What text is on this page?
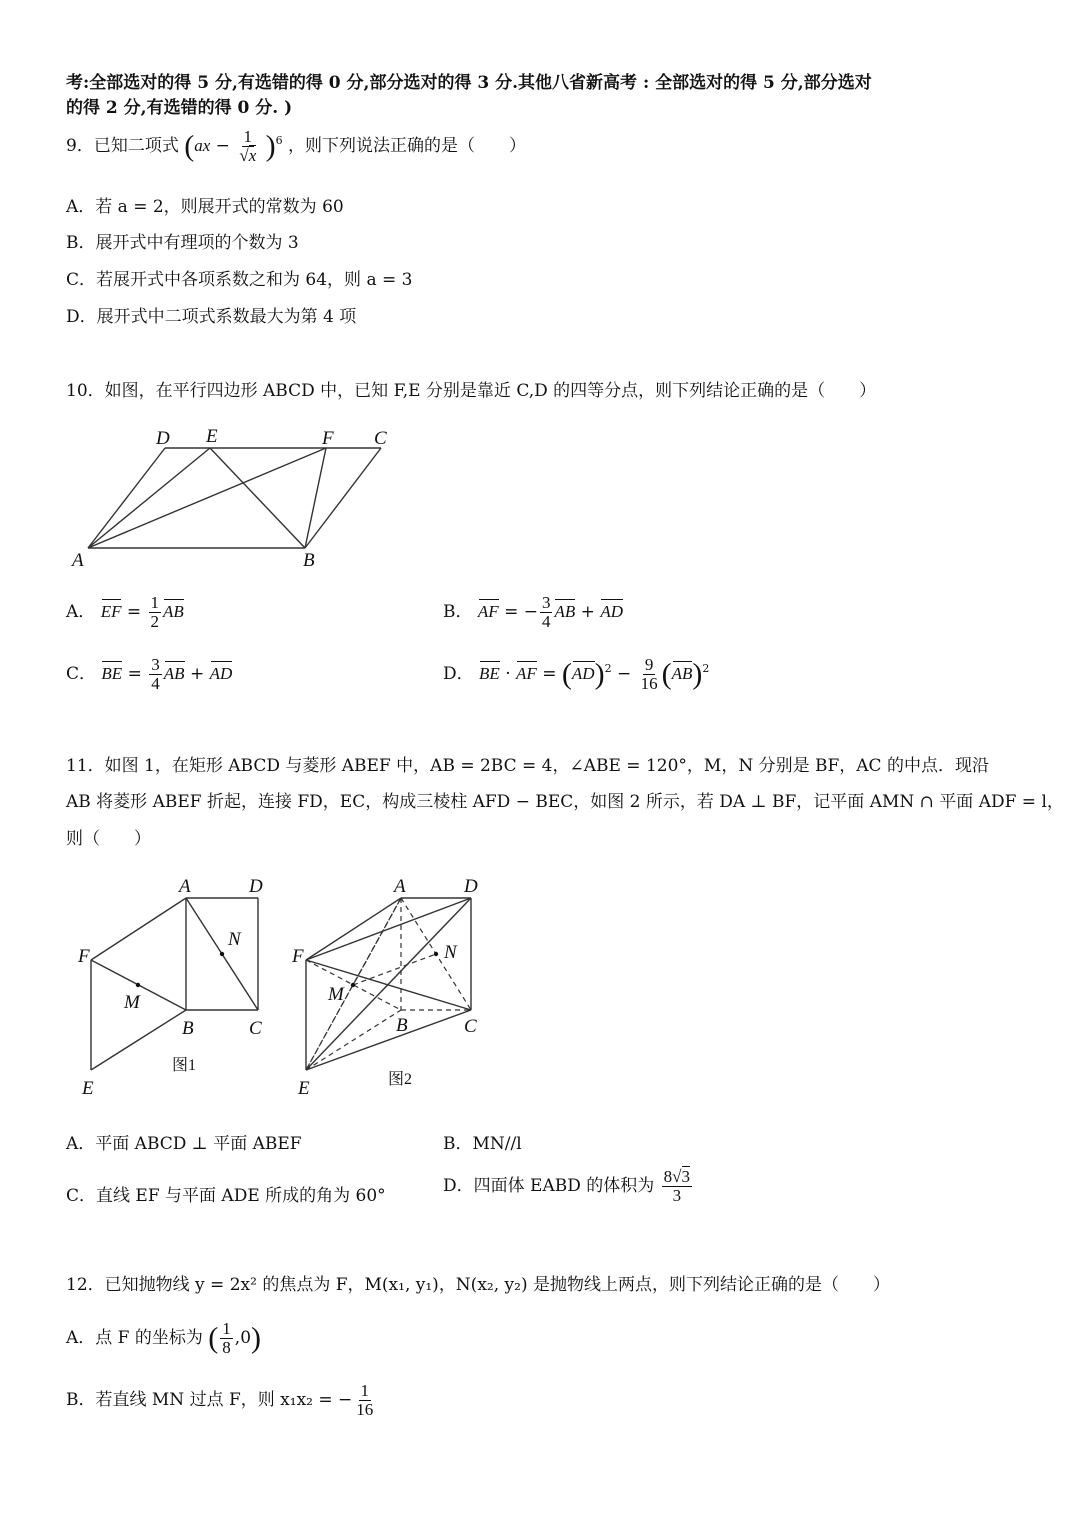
考:全部选对的得 5 分,有选错的得 0 分,部分选对的得 3 分.其他八省新高考 : 全部选对的得 5 分,部分选对
的得 2 分,有选错的得 0 分. )
9．已知二项式 $(ax - \frac{1}{√x} )^6$ ，则下列说法正确的是（　　）
A．若 a = 2，则展开式的常数为 60
B．展开式中有理项的个数为 3
C．若展开式中各项系数之和为 64，则 a = 3
D．展开式中二项式系数最大为第 4 项
10．如图，在平行四边形 ABCD 中，已知 F,E 分别是靠近 C,D 的四等分点，则下列结论正确的是（　　）
D E	F C
A	B
A． EF = $\frac{1}{2}$ AB	B． AF = − $\frac{3}{4}$ AB + AD
C． BE = $\frac{3}{4}$ AB + AD	D． BE · AF = $(AD)^2 - \frac{9}{16} (AB)^2$
11．如图 1，在矩形 ABCD 与菱形 ABEF 中，AB = 2BC = 4，∠ABE = 120°，M，N 分别是 BF，AC 的中点．现沿
AB 将菱形 ABEF 折起，连接 FD，EC，构成三棱柱 AFD − BEC，如图 2 所示，若 DA ⊥ BF，记平面 AMN ∩ 平面 ADF = l，
则（　　）
A	D
N
F
M
B	C
E
图1
A	D
N
F
M
B	C
E	图2
A．平面 ABCD ⊥ 平面 ABEF	B．MN//l
C．直线 EF 与平面 ADE 所成的角为 60°
D．四面体 EABD 的体积为 $\frac{8√3}{3}$
12．已知抛物线 y = 2x² 的焦点为 F，M(x₁, y₁)，N(x₂, y₂) 是抛物线上两点，则下列结论正确的是（　　）
A．点 F 的坐标为 ( $\frac{1}{8} ,0$)
B．若直线 MN 过点 F，则 x₁x₂ = − $\frac{1}{16}$
